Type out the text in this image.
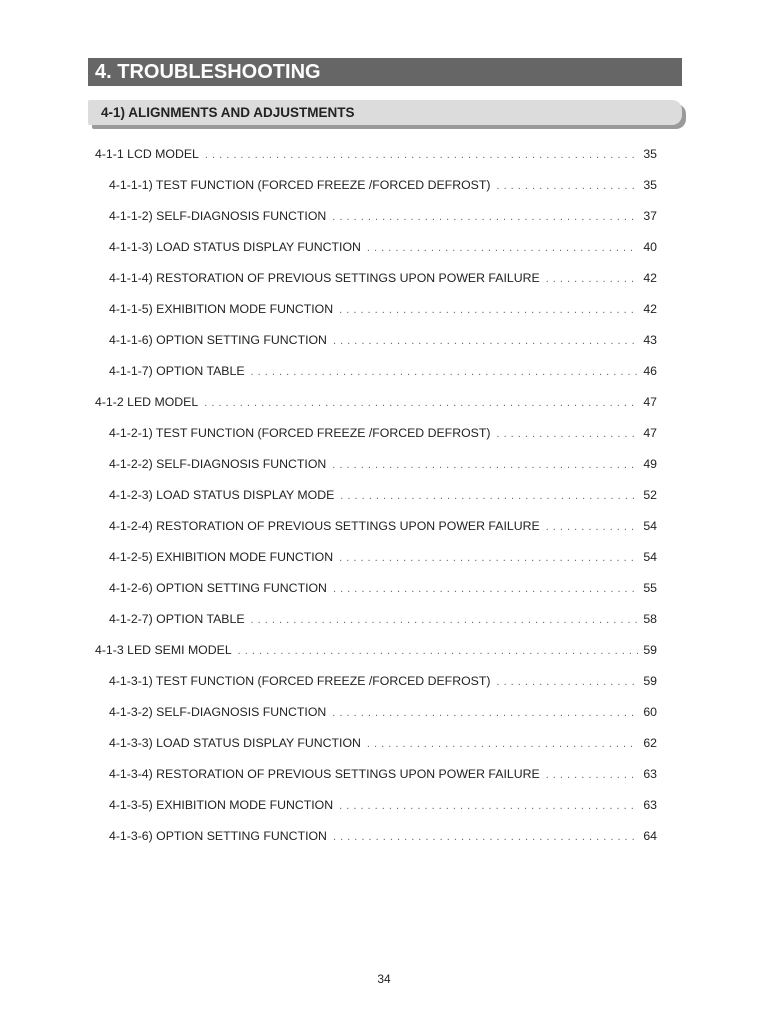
4. TROUBLESHOOTING
4-1) ALIGNMENTS AND ADJUSTMENTS
4-1-1 LCD MODEL . . .	35
4-1-1-1) TEST FUNCTION (FORCED FREEZE /FORCED DEFROST) . . .	35
4-1-1-2) SELF-DIAGNOSIS FUNCTION . . .	37
4-1-1-3) LOAD STATUS DISPLAY FUNCTION . . .	40
4-1-1-4) RESTORATION OF PREVIOUS SETTINGS UPON POWER FAILURE . . .	42
4-1-1-5) EXHIBITION MODE FUNCTION . . .	42
4-1-1-6) OPTION SETTING FUNCTION . . .	43
4-1-1-7) OPTION TABLE . . .	46
4-1-2 LED MODEL . . .	47
4-1-2-1) TEST FUNCTION (FORCED FREEZE /FORCED DEFROST) . . .	47
4-1-2-2) SELF-DIAGNOSIS FUNCTION . . .	49
4-1-2-3) LOAD STATUS DISPLAY MODE . . .	52
4-1-2-4) RESTORATION OF PREVIOUS SETTINGS UPON POWER FAILURE . . .	54
4-1-2-5) EXHIBITION MODE FUNCTION . . .	54
4-1-2-6) OPTION SETTING FUNCTION . . .	55
4-1-2-7) OPTION TABLE . . .	58
4-1-3 LED SEMI MODEL . . .	59
4-1-3-1) TEST FUNCTION (FORCED FREEZE /FORCED DEFROST) . . .	59
4-1-3-2) SELF-DIAGNOSIS FUNCTION . . .	60
4-1-3-3) LOAD STATUS DISPLAY FUNCTION . . .	62
4-1-3-4) RESTORATION OF PREVIOUS SETTINGS UPON POWER FAILURE . . .	63
4-1-3-5) EXHIBITION MODE FUNCTION . . .	63
4-1-3-6) OPTION SETTING FUNCTION . . .	64
34
